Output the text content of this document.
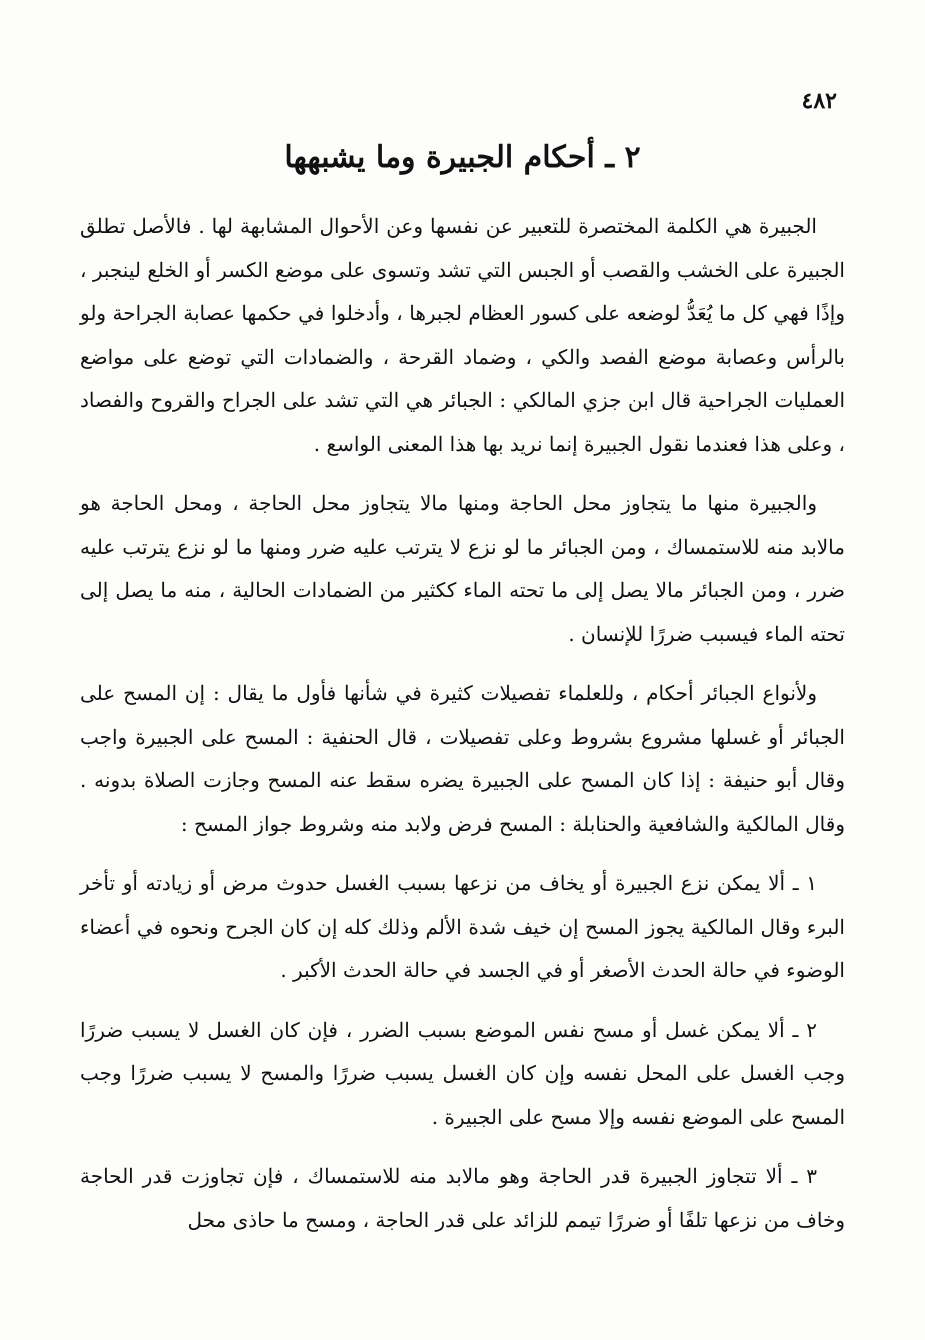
٤٨٢
٢ ـ أحكام الجبيرة وما يشبهها

الجبيرة هي الكلمة المختصرة للتعبير عن نفسها وعن الأحوال المشابهة لها . فالأصل تطلق الجبيرة على الخشب والقصب أو الجبس التي تشد وتسوى على موضع الكسر أو الخلع لينجبر ، وإذًا فهي كل ما يُعَدُّ لوضعه على كسور العظام لجبرها ، وأدخلوا في حكمها عصابة الجراحة ولو بالرأس وعصابة موضع الفصد والكي ، وضماد القرحة ، والضمادات التي توضع على مواضع العمليات الجراحية قال ابن جزي المالكي : الجبائر هي التي تشد على الجراح والقروح والفصاد ، وعلى هذا فعندما نقول الجبيرة إنما نريد بها هذا المعنى الواسع .

والجبيرة منها ما يتجاوز محل الحاجة ومنها مالا يتجاوز محل الحاجة ، ومحل الحاجة هو مالابد منه للاستمساك ، ومن الجبائر ما لو نزع لا يترتب عليه ضرر ومنها ما لو نزع يترتب عليه ضرر ، ومن الجبائر مالا يصل إلى ما تحته الماء ككثير من الضمادات الحالية ، منه ما يصل إلى تحته الماء فيسبب ضررًا للإنسان .

ولأنواع الجبائر أحكام ، وللعلماء تفصيلات كثيرة في شأنها فأول ما يقال : إن المسح على الجبائر أو غسلها مشروع بشروط وعلى تفصيلات ، قال الحنفية : المسح على الجبيرة واجب وقال أبو حنيفة : إذا كان المسح على الجبيرة يضره سقط عنه المسح وجازت الصلاة بدونه . وقال المالكية والشافعية والحنابلة : المسح فرض ولابد منه وشروط جواز المسح :

١ ـ ألا يمكن نزع الجبيرة أو يخاف من نزعها بسبب الغسل حدوث مرض أو زيادته أو تأخر البرء وقال المالكية يجوز المسح إن خيف شدة الألم وذلك كله إن كان الجرح ونحوه في أعضاء الوضوء في حالة الحدث الأصغر أو في الجسد في حالة الحدث الأكبر .

٢ ـ ألا يمكن غسل أو مسح نفس الموضع بسبب الضرر ، فإن كان الغسل لا يسبب ضررًا وجب الغسل على المحل نفسه وإن كان الغسل يسبب ضررًا والمسح لا يسبب ضررًا وجب المسح على الموضع نفسه وإلا مسح على الجبيرة .

٣ ـ ألا تتجاوز الجبيرة قدر الحاجة وهو مالابد منه للاستمساك ، فإن تجاوزت قدر الحاجة وخاف من نزعها تلفًا أو ضررًا تيمم للزائد على قدر الحاجة ، ومسح ما حاذى محل
